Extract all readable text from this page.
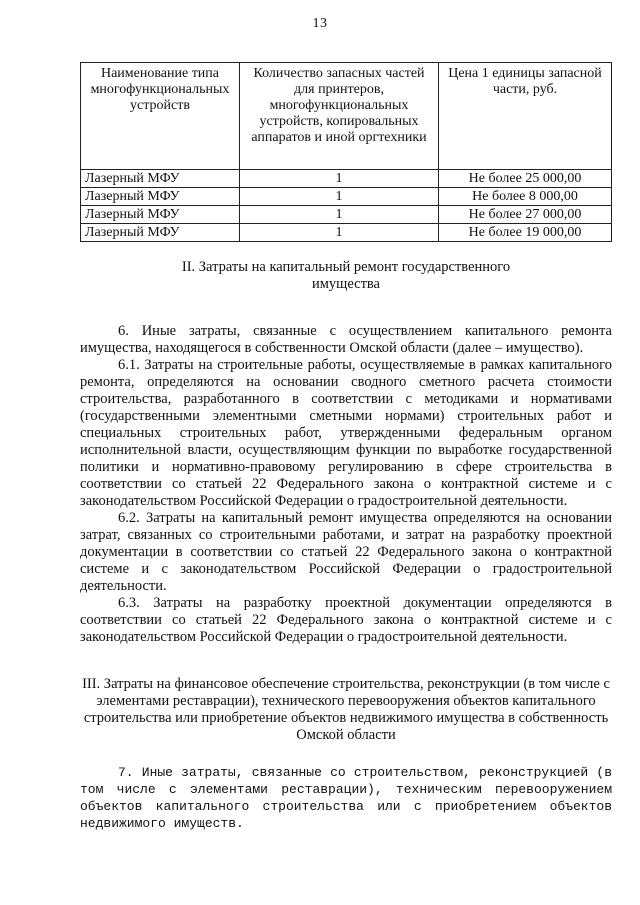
13
Наименование типа многофункциональных устройств	Количество запасных частей для принтеров, многофункциональных устройств, копировальных аппаратов и иной оргтехники	Цена 1 единицы запасной части, руб.
Лазерный МФУ	1	Не более 25 000,00
Лазерный МФУ	1	Не более 8 000,00
Лазерный МФУ	1	Не более 27 000,00
Лазерный МФУ	1	Не более 19 000,00
II. Затраты на капитальный ремонт государственного имущества

6. Иные затраты, связанные с осуществлением капитального ремонта имущества, находящегося в собственности Омской области (далее – имущество).

6.1. Затраты на строительные работы, осуществляемые в рамках капитального ремонта, определяются на основании сводного сметного расчета стоимости строительства, разработанного в соответствии с методиками и нормативами (государственными элементными сметными нормами) строительных работ и специальных строительных работ, утвержденными федеральным органом исполнительной власти, осуществляющим функции по выработке государственной политики и нормативно-правовому регулированию в сфере строительства в соответствии со статьей 22 Федерального закона о контрактной системе и с законодательством Российской Федерации о градостроительной деятельности.

6.2. Затраты на капитальный ремонт имущества определяются на основании затрат, связанных со строительными работами, и затрат на разработку проектной документации в соответствии со статьей 22 Федерального закона о контрактной системе и с законодательством Российской Федерации о градостроительной деятельности.

6.3. Затраты на разработку проектной документации определяются в соответствии со статьей 22 Федерального закона о контрактной системе и с законодательством Российской Федерации о градостроительной деятельности.

III. Затраты на финансовое обеспечение строительства, реконструкции (в том числе с элементами реставрации), технического перевооружения объектов капитального строительства или приобретение объектов недвижимого имущества в собственность Омской области

7. Иные затраты, связанные со строительством, реконструкцией (в том числе с элементами реставрации), техническим перевооружением объектов капитального строительства или с приобретением объектов недвижимого имуществ.
